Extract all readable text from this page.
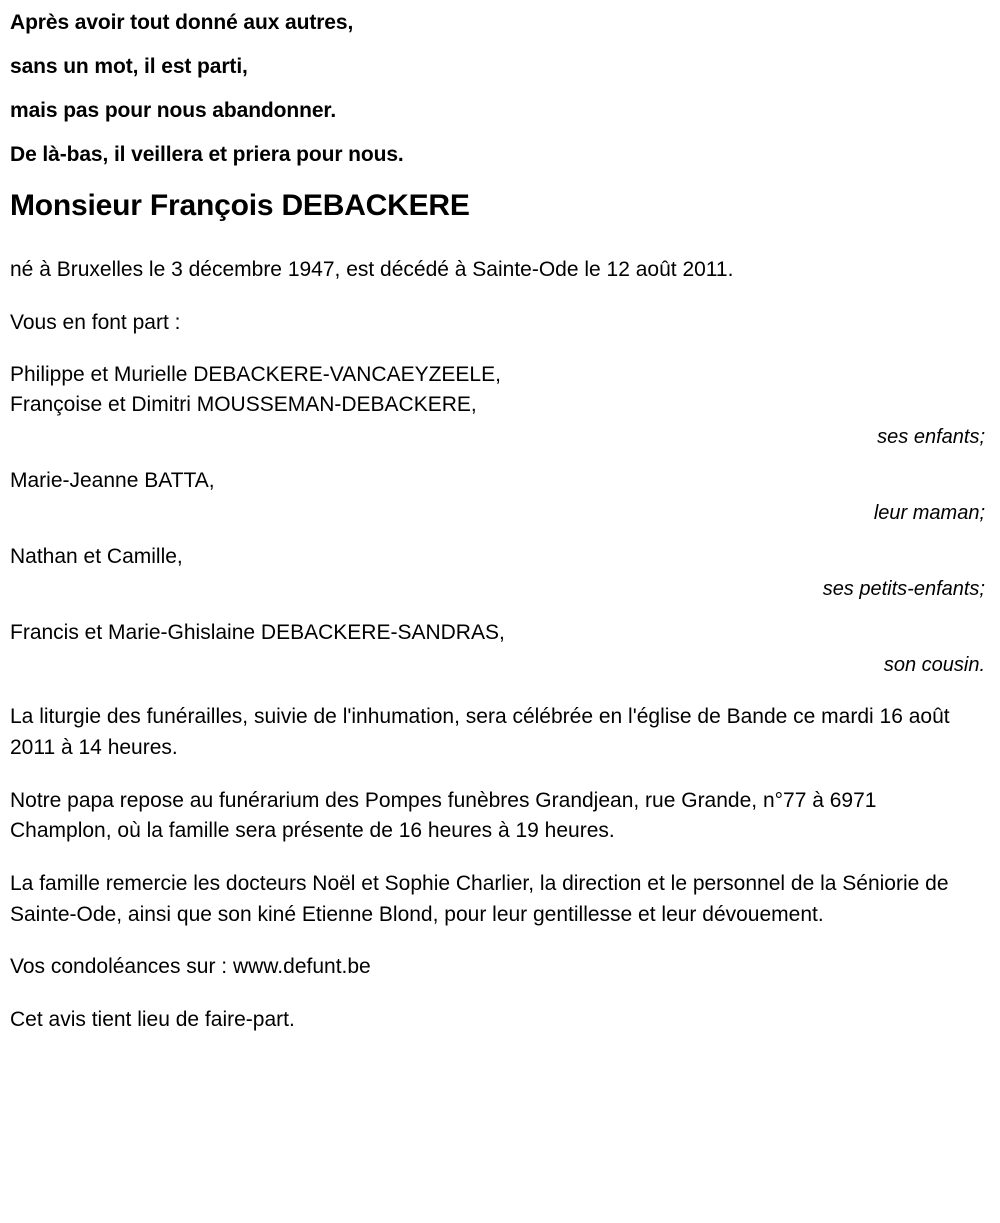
Après avoir tout donné aux autres,

sans un mot, il est parti,

mais pas pour nous abandonner.

De là-bas, il veillera et priera pour nous.

Monsieur François DEBACKERE

né à Bruxelles le 3 décembre 1947, est décédé à Sainte-Ode le 12 août 2011.

Vous en font part :

Philippe et Murielle DEBACKERE-VANCAEYZEELE,
Françoise et Dimitri MOUSSEMAN-DEBACKERE,

ses enfants;

Marie-Jeanne BATTA,

leur maman;

Nathan et Camille,

ses petits-enfants;

Francis et Marie-Ghislaine DEBACKERE-SANDRAS,

son cousin.

La liturgie des funérailles, suivie de l'inhumation, sera célébrée en l'église de Bande ce mardi 16 août 2011 à 14 heures.

Notre papa repose au funérarium des Pompes funèbres Grandjean, rue Grande, n°77 à 6971 Champlon, où la famille sera présente de 16 heures à 19 heures.

La famille remercie les docteurs Noël et Sophie Charlier, la direction et le personnel de la Séniorie de Sainte-Ode, ainsi que son kiné Etienne Blond, pour leur gentillesse et leur dévouement.

Vos condoléances sur : www.defunt.be

Cet avis tient lieu de faire-part.
